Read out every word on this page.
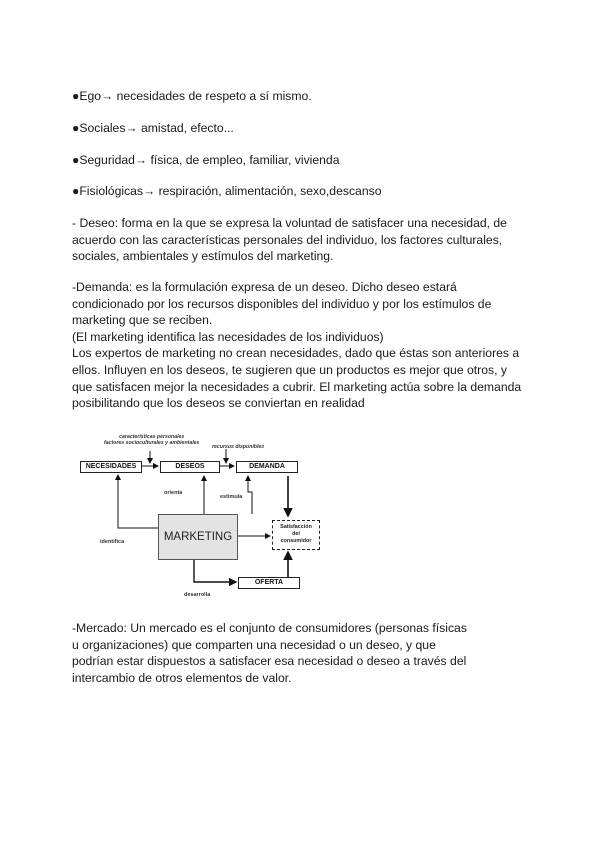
●Ego→ necesidades de respeto a sí mismo.
●Sociales→ amistad, efecto...
●Seguridad→ física, de empleo, familiar, vivienda
●Fisiológicas→ respiración, alimentación, sexo,descanso
- Deseo: forma en la que se expresa la voluntad de satisfacer una necesidad, de
acuerdo con las características personales del individuo, los factores culturales,
sociales, ambientales y estímulos del marketing.
-Demanda: es la formulación expresa de un deseo. Dicho deseo estará
condicionado por los recursos disponibles del individuo y por los estímulos de
marketing que se reciben.
(El marketing identifica las necesidades de los individuos)
Los expertos de marketing no crean necesidades, dado que éstas son anteriores a
ellos. Influyen en los deseos, te sugieren que un productos es mejor que otros, y
que satisfacen mejor la necesidades a cubrir. El marketing actúa sobre la demanda
posibilitando que los deseos se conviertan en realidad
características personales
factores socioculturales y ambientales
recursos disponibles
NECESIDADES	DESEOS	DEMANDA
orienta
estimula
identifica	MARKETING
Satisfacción
del
consumidor
OFERTA
desarrolla
-Mercado: Un mercado es el conjunto de consumidores (personas físicas
u organizaciones) que comparten una necesidad o un deseo, y que
podrían estar dispuestos a satisfacer esa necesidad o deseo a través del
intercambio de otros elementos de valor.
